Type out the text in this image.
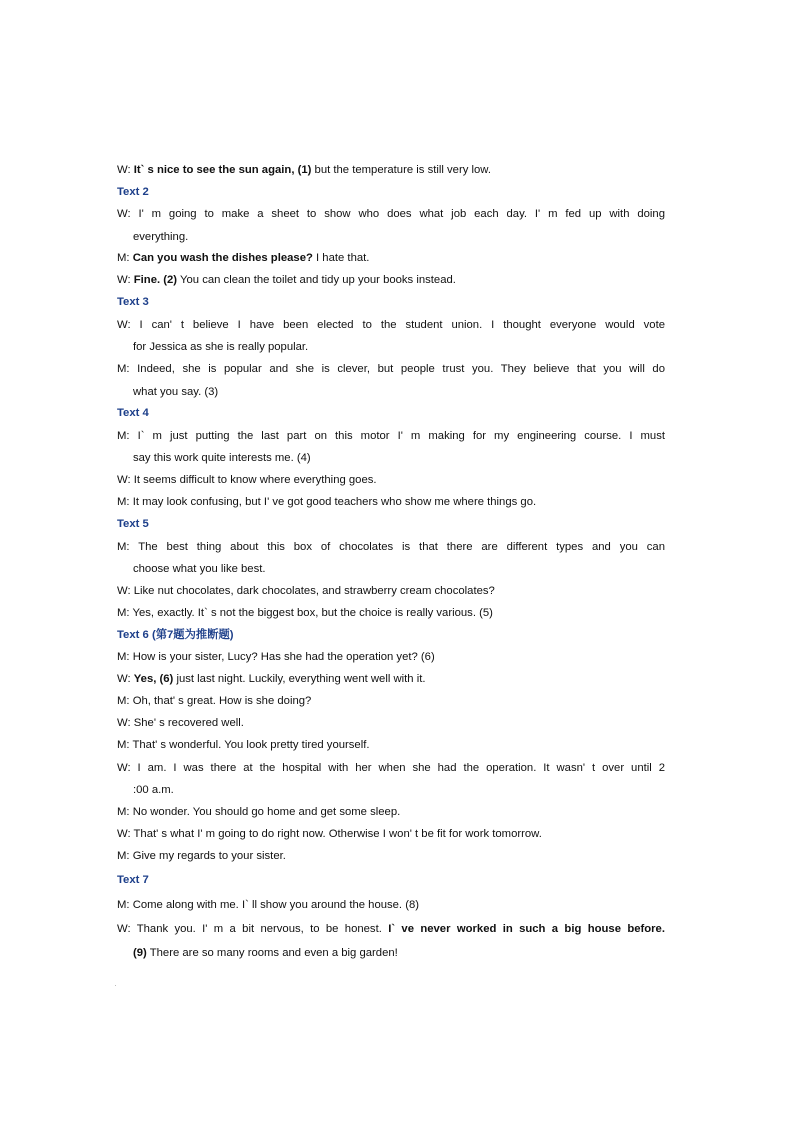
W: It` s nice to see the sun again, (1) but the temperature is still very low.
Text 2
W: I' m going to make a sheet to show who does what job each day. I' m fed up with doing
everything.
M: Can you wash the dishes please? I hate that.
W: Fine. (2) You can clean the toilet and tidy up your books instead.
Text 3
W: I can' t believe I have been elected to the student union. I thought everyone would vote
for Jessica as she is really popular.
M: Indeed, she is popular and she is clever, but people trust you. They believe that you will do
what you say. (3)
Text 4
M: I` m just putting the last part on this motor I' m making for my engineering course. I must
say this work quite interests me. (4)
W: It seems difficult to know where everything goes.
M: It may look confusing, but I' ve got good teachers who show me where things go.
Text 5
M: The best thing about this box of chocolates is that there are different types and you can
choose what you like best.
W: Like nut chocolates, dark chocolates, and strawberry cream chocolates?
M: Yes, exactly. It` s not the biggest box, but the choice is really various. (5)
Text 6 (第7题为推断题)
M: How is your sister, Lucy? Has she had the operation yet? (6)
W: Yes, (6) just last night. Luckily, everything went well with it.
M: Oh, that' s great. How is she doing?
W: She' s recovered well.
M: That' s wonderful. You look pretty tired yourself.
W: I am. I was there at the hospital with her when she had the operation. It wasn' t over until 2
:00 a.m.
M: No wonder. You should go home and get some sleep.
W: That' s what I' m going to do right now. Otherwise I won' t be fit for work tomorrow.
M: Give my regards to your sister.
Text 7
M: Come along with me. I` ll show you around the house. (8)
W: Thank you. I' m a bit nervous, to be honest. I` ve never worked in such a big house before.
(9) There are so many rooms and even a big garden!
